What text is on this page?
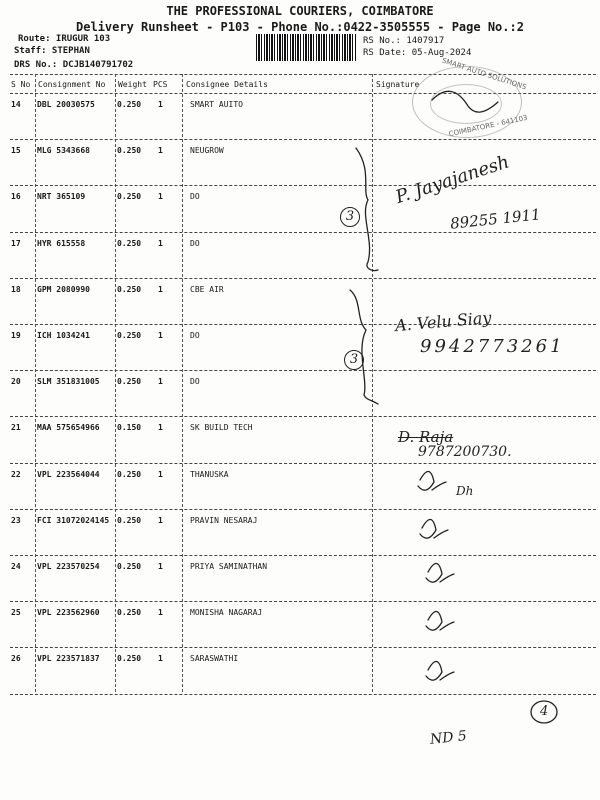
THE PROFESSIONAL COURIERS, COIMBATORE
Delivery Runsheet - P103 - Phone No.:0422-3505555 - Page No.:2
Route: IRUGUR 103
Staff: STEPHAN
DRS No.: DCJB140791702
RS No.: 1407917
RS Date: 05-Aug-2024
S No Consignment No Weight PCS Consignee Details	Signature
14 DBL 20030575	0.250 1	SMART AUITO
15 MLG 5343668	0.250 1	NEUGROW
16 NRT 365109	0.250 1	DO
17 HYR 615558	0.250 1	DO
18 GPM 2080990	0.250 1	CBE AIR
19 ICH 1034241	0.250 1	DO
20 SLM 351831005 0.250 1	DO
21 MAA 575654966 0.150 1	SK BUILD TECH
22 VPL 223564044 0.250 1	THANUSKA
23 FCI 31072024145 0.250 1	PRAVIN NESARAJ
24 VPL 223570254 0.250 1	PRIYA SAMINATHAN
25 VPL 223562960 0.250 1	MONISHA NAGARAJ
26 VPL 223571837 0.250 1	SARASWATHI
SMART AUTO SOLUTIONS
COIMBATORE - 641103
P. Jayajanesh
89255 1911
3
A. Velu Siay
9942773261
3
D. Raja
9787200730.
Dh
ND 5
4
